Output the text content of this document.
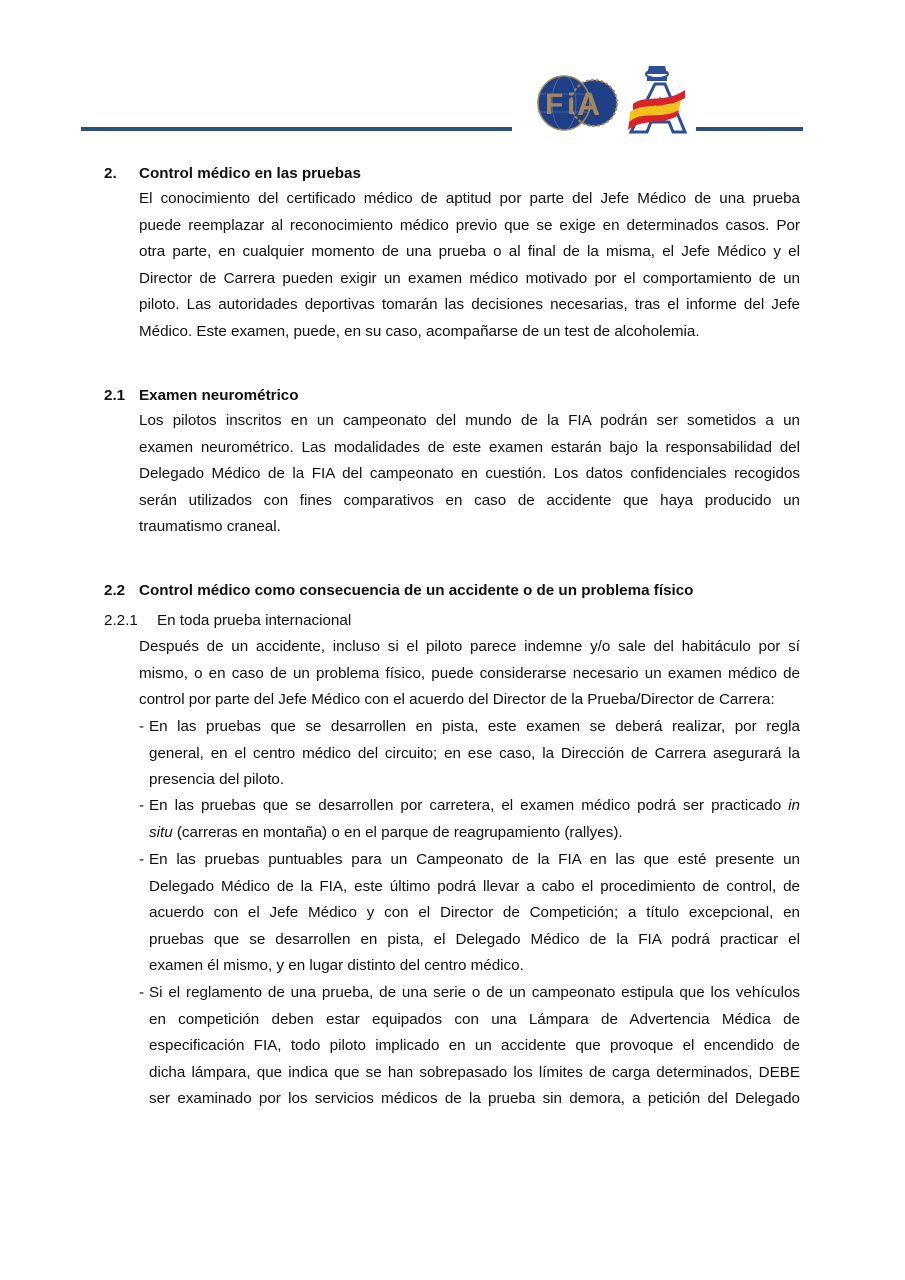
F i A
2. Control médico en las pruebas
El conocimiento del certificado médico de aptitud por parte del Jefe Médico de una prueba
puede reemplazar al reconocimiento médico previo que se exige en determinados casos. Por
otra parte, en cualquier momento de una prueba o al final de la misma, el Jefe Médico y el
Director de Carrera pueden exigir un examen médico motivado por el comportamiento de un
piloto. Las autoridades deportivas tomarán las decisiones necesarias, tras el informe del Jefe
Médico. Este examen, puede, en su caso, acompañarse de un test de alcoholemia.
2.1 Examen neurométrico
Los pilotos inscritos en un campeonato del mundo de la FIA podrán ser sometidos a un
examen neurométrico. Las modalidades de este examen estarán bajo la responsabilidad del
Delegado Médico de la FIA del campeonato en cuestión. Los datos confidenciales recogidos
serán utilizados con fines comparativos en caso de accidente que haya producido un
traumatismo craneal.
2.2 Control médico como consecuencia de un accidente o de un problema físico
2.2.1 En toda prueba internacional
Después de un accidente, incluso si el piloto parece indemne y/o sale del habitáculo por sí
mismo, o en caso de un problema físico, puede considerarse necesario un examen médico de
control por parte del Jefe Médico con el acuerdo del Director de la Prueba/Director de Carrera:
- En las pruebas que se desarrollen en pista, este examen se deberá realizar, por regla
general, en el centro médico del circuito; en ese caso, la Dirección de Carrera asegurará la
presencia del piloto.
- En las pruebas que se desarrollen por carretera, el examen médico podrá ser practicado in
situ (carreras en montaña) o en el parque de reagrupamiento (rallyes).
- En las pruebas puntuables para un Campeonato de la FIA en las que esté presente un
Delegado Médico de la FIA, este último podrá llevar a cabo el procedimiento de control, de
acuerdo con el Jefe Médico y con el Director de Competición; a título excepcional, en
pruebas que se desarrollen en pista, el Delegado Médico de la FIA podrá practicar el
examen él mismo, y en lugar distinto del centro médico.
- Si el reglamento de una prueba, de una serie o de un campeonato estipula que los vehículos
en competición deben estar equipados con una Lámpara de Advertencia Médica de
especificación FIA, todo piloto implicado en un accidente que provoque el encendido de
dicha lámpara, que indica que se han sobrepasado los límites de carga determinados, DEBE
ser examinado por los servicios médicos de la prueba sin demora, a petición del Delegado
